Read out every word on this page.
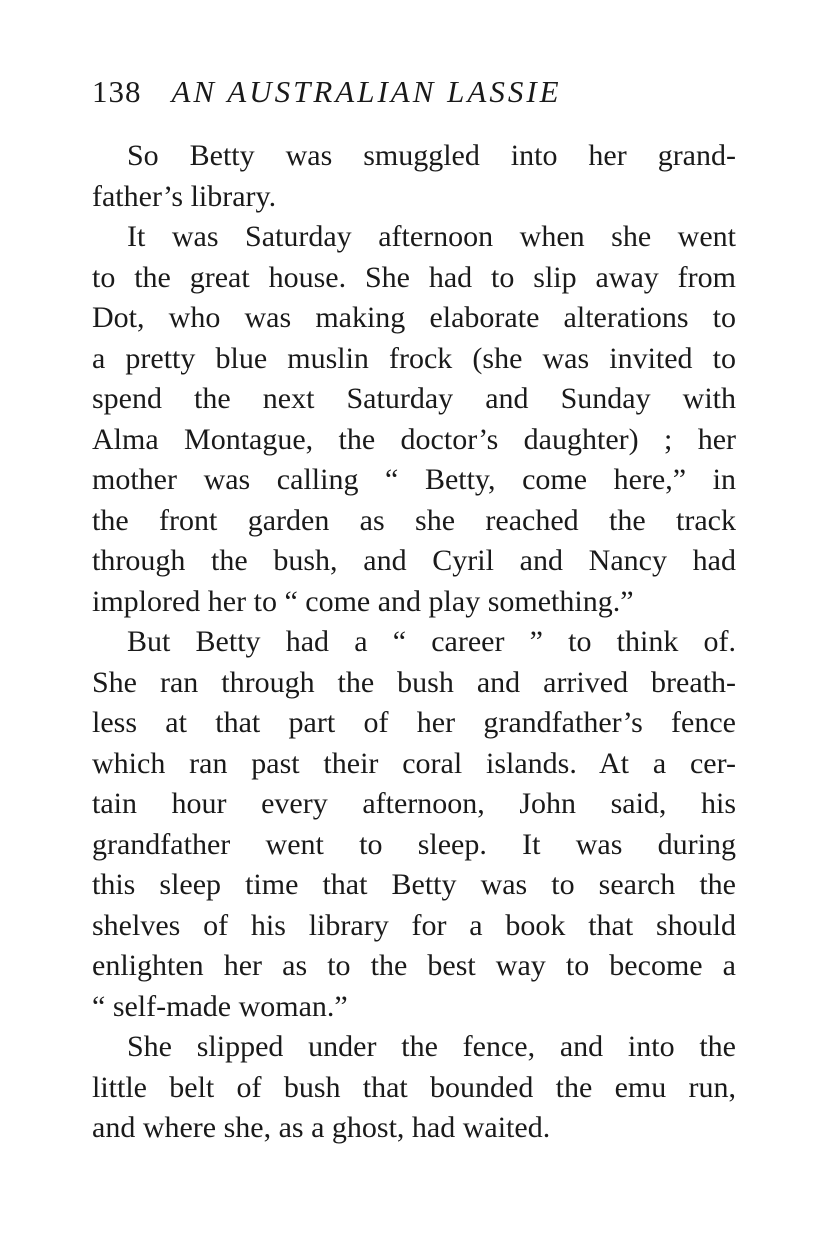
138 AN AUSTRALIAN LASSIE
So Betty was smuggled into her grand-
father’s library.
It was Saturday afternoon when she went
to the great house. She had to slip away from
Dot, who was making elaborate alterations to
a pretty blue muslin frock (she was invited to
spend the next Saturday and Sunday with
Alma Montague, the doctor’s daughter) ; her
mother was calling “ Betty, come here,” in
the front garden as she reached the track
through the bush, and Cyril and Nancy had
implored her to “ come and play something.”
But Betty had a “ career ” to think of.
She ran through the bush and arrived breath-
less at that part of her grandfather’s fence
which ran past their coral islands. At a cer-
tain hour every afternoon, John said, his
grandfather went to sleep. It was during
this sleep time that Betty was to search the
shelves of his library for a book that should
enlighten her as to the best way to become a
“ self-made woman.”
She slipped under the fence, and into the
little belt of bush that bounded the emu run,
and where she, as a ghost, had waited.
